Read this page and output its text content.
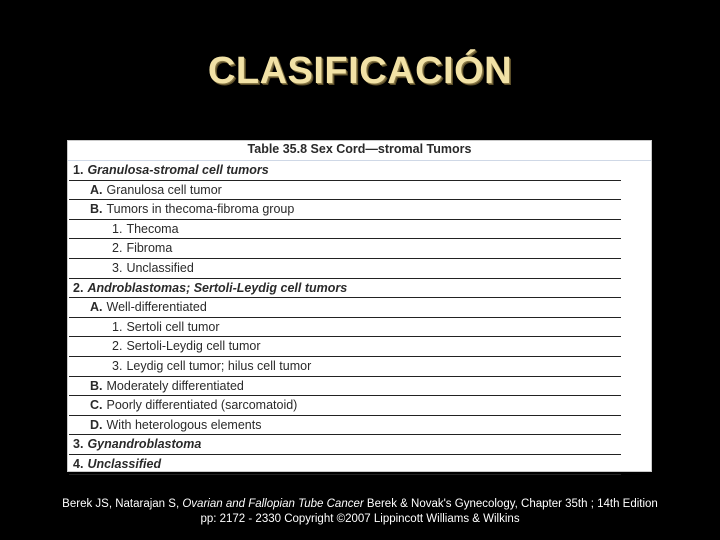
CLASIFICACIÓN
Table 35.8 Sex Cord—stromal Tumors
1. Granulosa-stromal cell tumors
A. Granulosa cell tumor
B. Tumors in thecoma-fibroma group
1. Thecoma
2. Fibroma
3. Unclassified
2. Androblastomas; Sertoli-Leydig cell tumors
A. Well-differentiated
1. Sertoli cell tumor
2. Sertoli-Leydig cell tumor
3. Leydig cell tumor; hilus cell tumor
B. Moderately differentiated
C. Poorly differentiated (sarcomatoid)
D. With heterologous elements
3. Gynandroblastoma
4. Unclassified
Berek JS, Natarajan S, Ovarian and Fallopian Tube Cancer Berek & Novak's Gynecology, Chapter 35th ; 14th Edition
pp: 2172 - 2330 Copyright ©2007 Lippincott Williams & Wilkins
